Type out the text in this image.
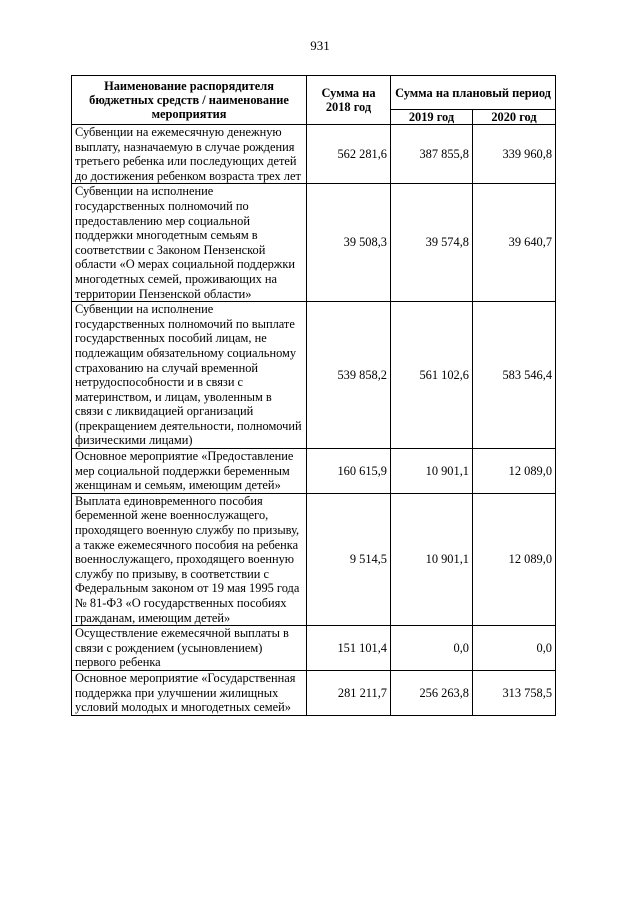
931
Наименование распорядителя бюджетных средств / наименование мероприятия	Сумма на 2018 год	Сумма на плановый период	
		2019 год	2020 год
Субвенции на ежемесячную денежную выплату, назначаемую в случае рождения третьего ребенка или последующих детей до достижения ребенком возраста трех лет	562 281,6	387 855,8	339 960,8
Субвенции на исполнение государственных полномочий по предоставлению мер социальной поддержки многодетным семьям в соответствии с Законом Пензенской области «О мерах социальной поддержки многодетных семей, проживающих на территории Пензенской области»	39 508,3	39 574,8	39 640,7
Субвенции на исполнение государственных полномочий по выплате государственных пособий лицам, не подлежащим обязательному социальному страхованию на случай временной нетрудоспособности и в связи с материнством, и лицам, уволенным в связи с ликвидацией организаций (прекращением деятельности, полномочий физическими лицами)	539 858,2	561 102,6	583 546,4
Основное мероприятие «Предоставление мер социальной поддержки беременным женщинам и семьям, имеющим детей»	160 615,9	10 901,1	12 089,0
Выплата единовременного пособия беременной жене военнослужащего, проходящего военную службу по призыву, а также ежемесячного пособия на ребенка военнослужащего, проходящего военную службу по призыву, в соответствии с Федеральным законом от 19 мая 1995 года № 81-ФЗ «О государственных пособиях гражданам, имеющим детей»	9 514,5	10 901,1	12 089,0
Осуществление ежемесячной выплаты в связи с рождением (усыновлением) первого ребенка	151 101,4	0,0	0,0
Основное мероприятие «Государственная поддержка при улучшении жилищных условий молодых и многодетных семей»	281 211,7	256 263,8	313 758,5
